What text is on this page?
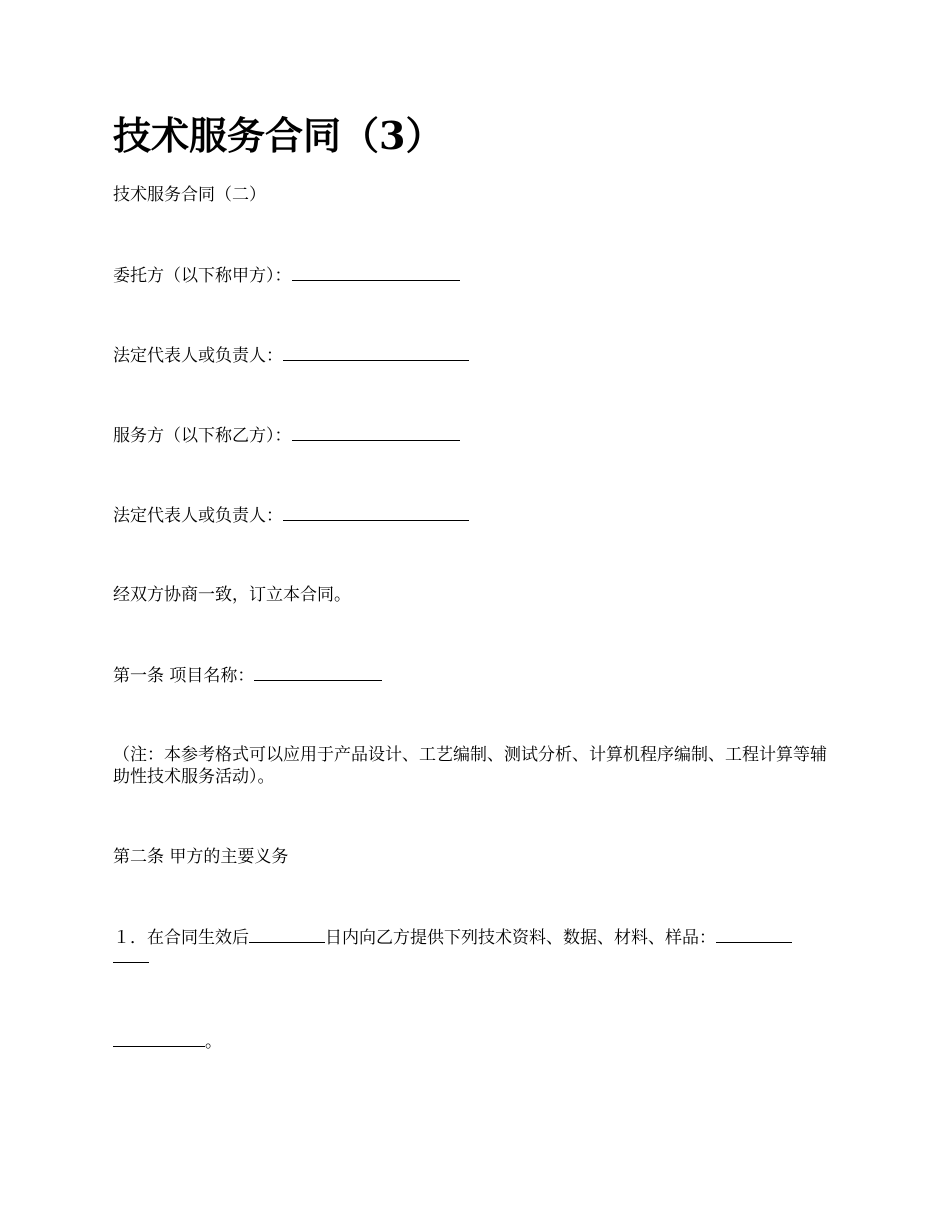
技术服务合同（3）
技术服务合同（二）
委托方（以下称甲方）：
法定代表人或负责人：
服务方（以下称乙方）：
法定代表人或负责人：
经双方协商一致，订立本合同。
第一条 项目名称：
（注：本参考格式可以应用于产品设计、工艺编制、测试分析、计算机程序编制、工程计算等辅助性技术服务活动）。
第二条 甲方的主要义务
１．在合同生效后	日内向乙方提供下列技术资料、数据、材料、样品：
。
